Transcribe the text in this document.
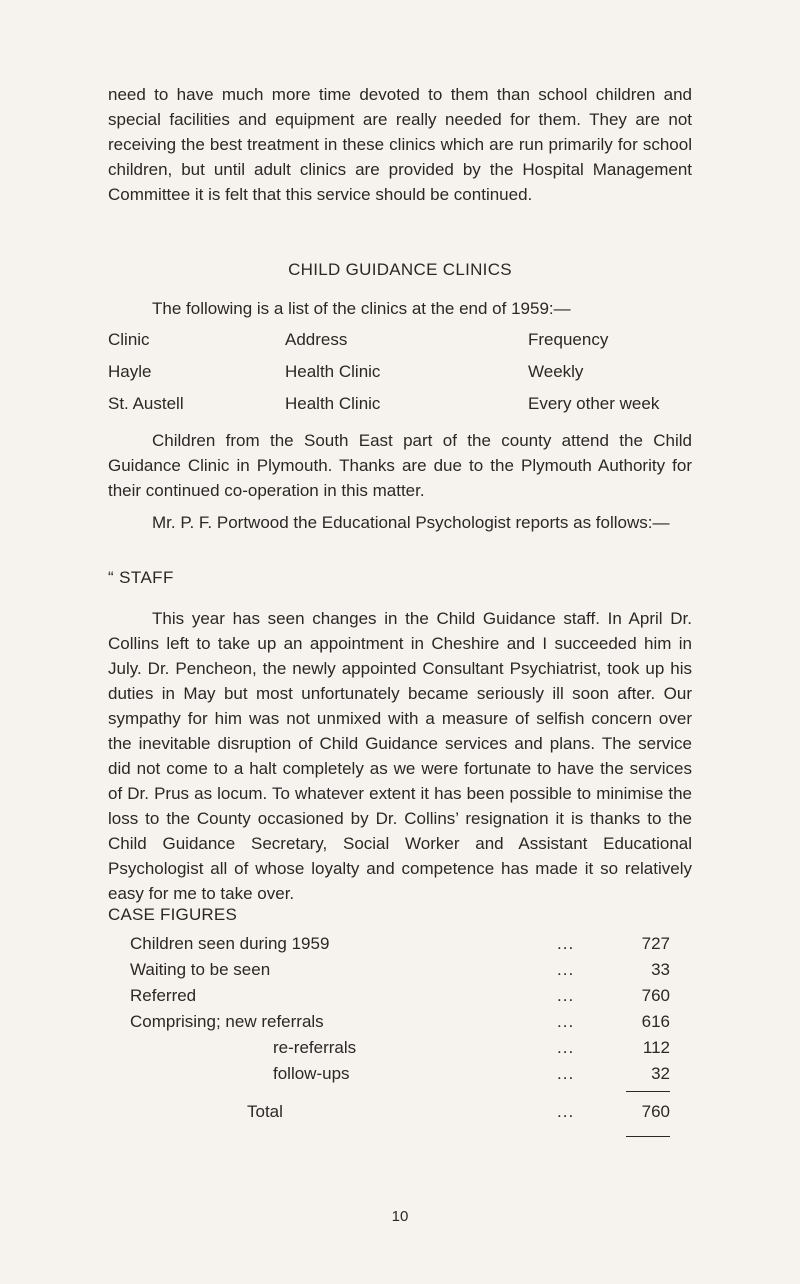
need to have much more time devoted to them than school children and special facilities and equipment are really needed for them. They are not receiving the best treatment in these clinics which are run primarily for school children, but until adult clinics are provided by the Hospital Management Committee it is felt that this service should be continued.

CHILD GUIDANCE CLINICS

The following is a list of the clinics at the end of 1959:—

Clinic	Address	Frequency
Hayle	Health Clinic	Weekly
St. Austell	Health Clinic	Every other week

Children from the South East part of the county attend the Child Guidance Clinic in Plymouth. Thanks are due to the Plymouth Authority for their continued co-operation in this matter.

Mr. P. F. Portwood the Educational Psychologist reports as follows:—

“ STAFF

This year has seen changes in the Child Guidance staff. In April Dr. Collins left to take up an appointment in Cheshire and I succeeded him in July. Dr. Pencheon, the newly appointed Consultant Psychiatrist, took up his duties in May but most unfortunately became seriously ill soon after. Our sympathy for him was not unmixed with a measure of selfish concern over the inevitable disruption of Child Guidance services and plans. The service did not come to a halt completely as we were fortunate to have the services of Dr. Prus as locum. To whatever extent it has been possible to minimise the loss to the County occasioned by Dr. Collins’ resignation it is thanks to the Child Guidance Secretary, Social Worker and Assistant Educational Psychologist all of whose loyalty and competence has made it so relatively easy for me to take over.

CASE FIGURES
Children seen during 1959	...	727
Waiting to be seen	...	33
Referred	...	760
Comprising; new referrals	...	616
re-referrals	...	112
follow-ups	...	32
Total	...	760
10
